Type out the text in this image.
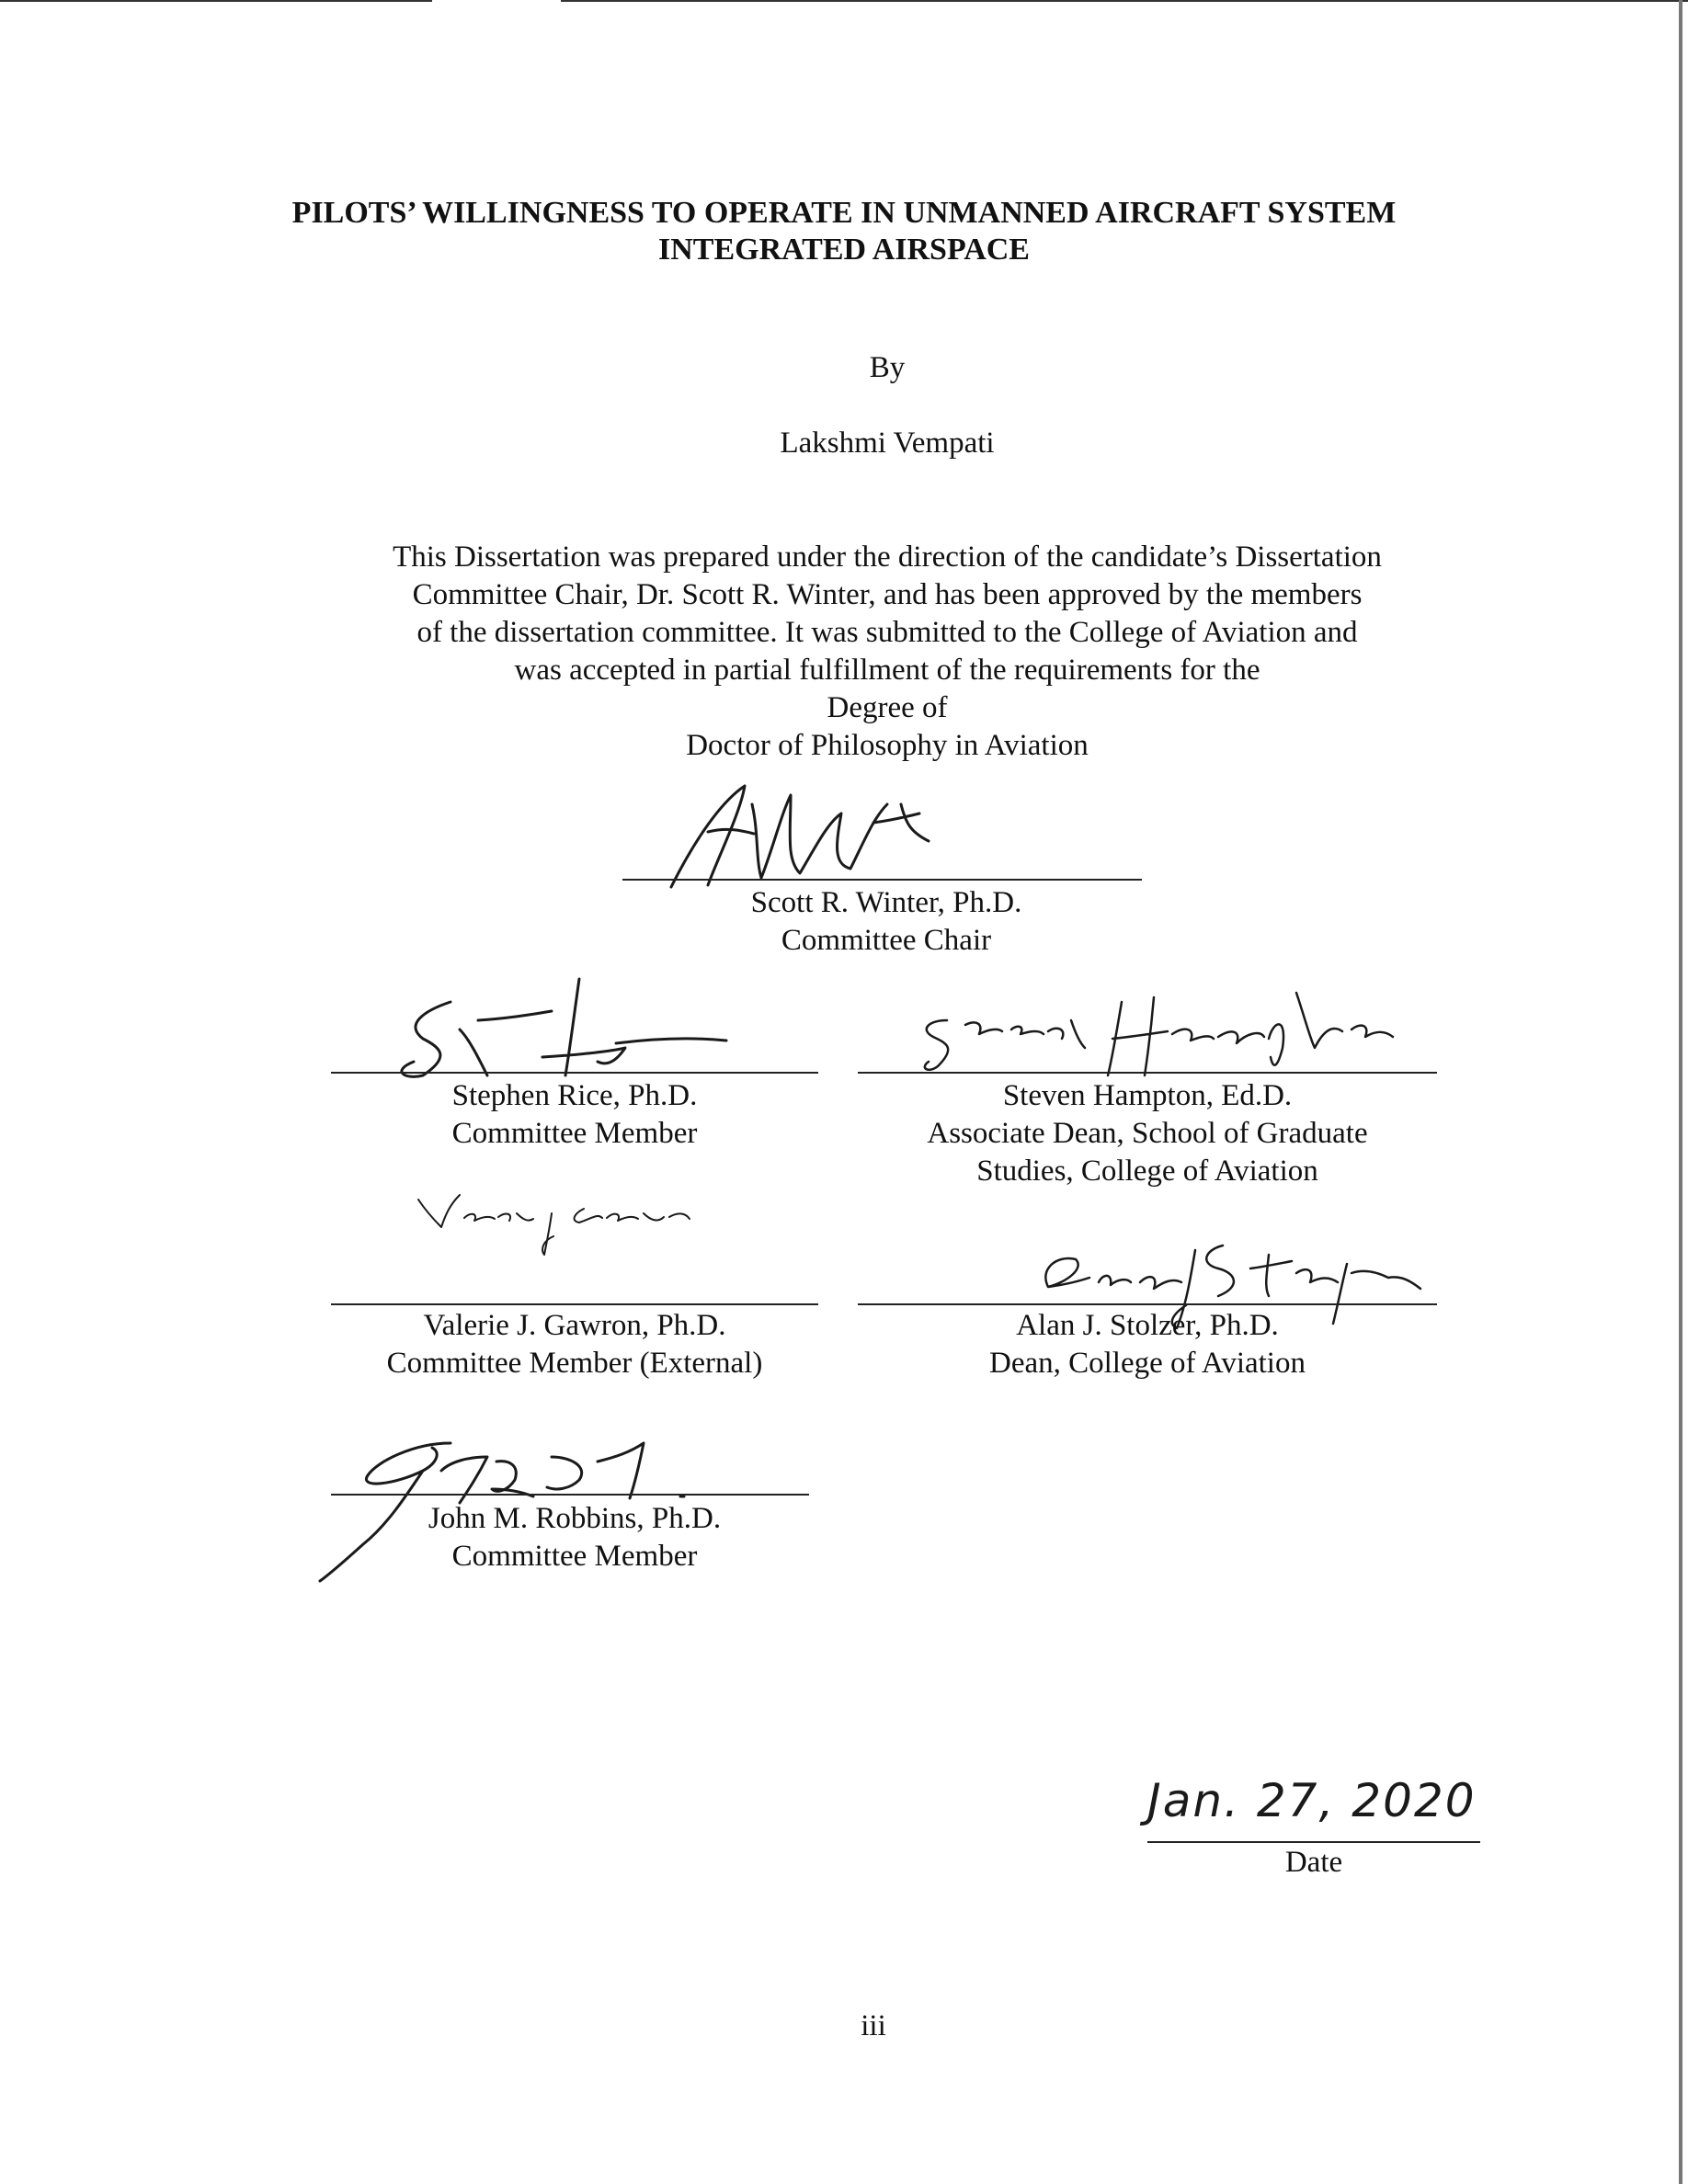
PILOTS’ WILLINGNESS TO OPERATE IN UNMANNED AIRCRAFT SYSTEM
INTEGRATED AIRSPACE
By
Lakshmi Vempati
This Dissertation was prepared under the direction of the candidate’s Dissertation
Committee Chair, Dr. Scott R. Winter, and has been approved by the members
of the dissertation committee. It was submitted to the College of Aviation and
was accepted in partial fulfillment of the requirements for the
Degree of
Doctor of Philosophy in Aviation
Scott R. Winter, Ph.D.
Committee Chair
Stephen Rice, Ph.D.
Committee Member
Steven Hampton, Ed.D.
Associate Dean, School of Graduate
Studies, College of Aviation
Valerie J. Gawron, Ph.D.
Committee Member (External)
Alan J. Stolzer, Ph.D.
Dean, College of Aviation
John M. Robbins, Ph.D.
Committee Member
Jan. 27, 2020
Date
iii
